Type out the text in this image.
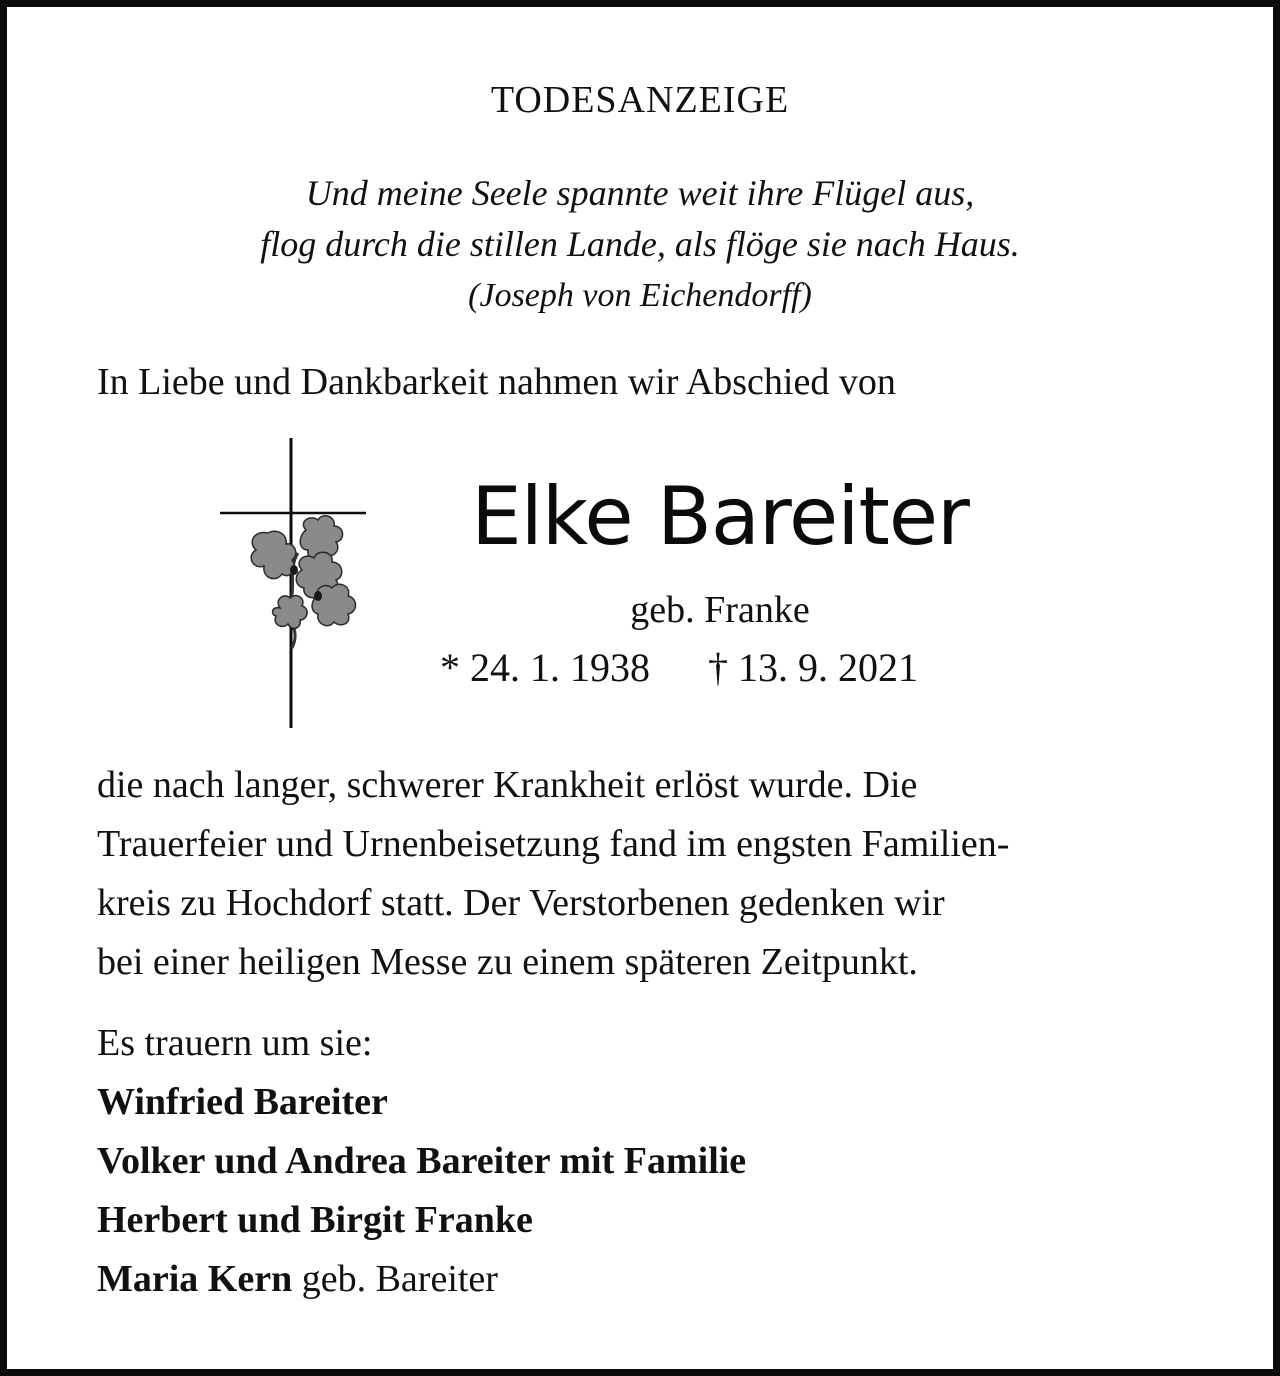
TODESANZEIGE
Und meine Seele spannte weit ihre Flügel aus,
flog durch die stillen Lande, als flöge sie nach Haus.
(Joseph von Eichendorff)
In Liebe und Dankbarkeit nahmen wir Abschied von
Elke Bareiter
geb. Franke
* 24. 1. 1938 † 13. 9. 2021
die nach langer, schwerer Krankheit erlöst wurde. Die
Trauerfeier und Urnenbeisetzung fand im engsten Familien-
kreis zu Hochdorf statt. Der Verstorbenen gedenken wir
bei einer heiligen Messe zu einem späteren Zeitpunkt.
Es trauern um sie:
Winfried Bareiter
Volker und Andrea Bareiter mit Familie
Herbert und Birgit Franke
Maria Kern geb. Bareiter
